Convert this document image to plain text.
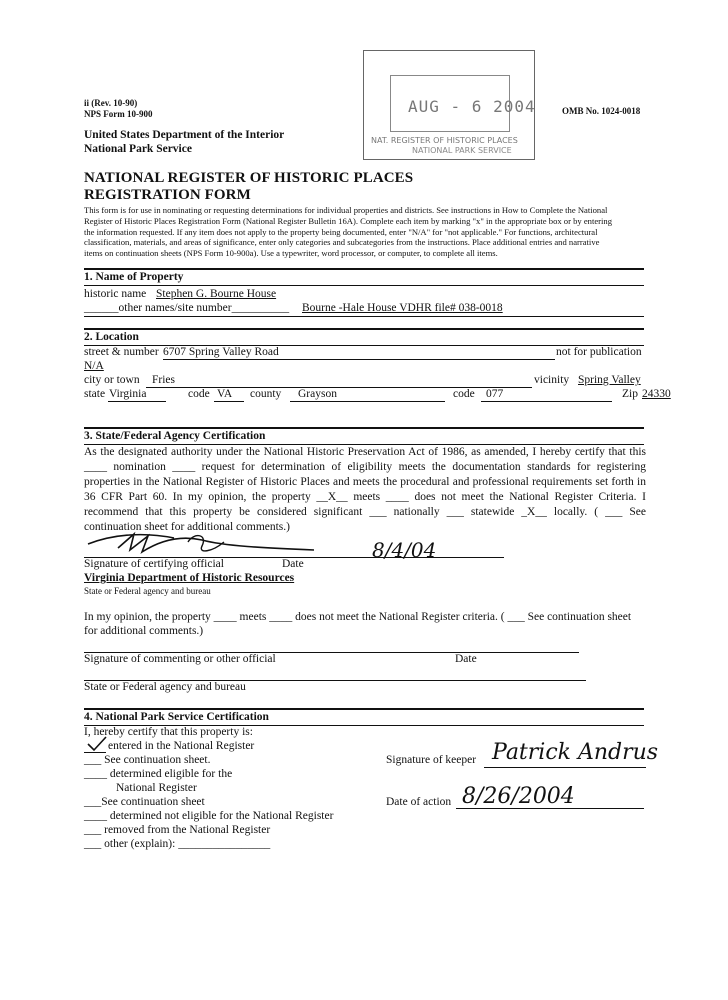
ii (Rev. 10-90)
NPS Form 10-900	OMB No. 1024-0018
United States Department of the Interior
National Park Service
AUG - 6 2004
NAT. REGISTER OF HISTORIC PLACES
NATIONAL PARK SERVICE
NATIONAL REGISTER OF HISTORIC PLACES
REGISTRATION FORM
This form is for use in nominating or requesting determinations for individual properties and districts. See instructions in How to Complete the National
Register of Historic Places Registration Form (National Register Bulletin 16A). Complete each item by marking "x" in the appropriate box or by entering
the information requested. If any item does not apply to the property being documented, enter "N/A" for "not applicable." For functions, architectural
classification, materials, and areas of significance, enter only categories and subcategories from the instructions. Place additional entries and narrative
items on continuation sheets (NPS Form 10-900a). Use a typewriter, word processor, or computer, to complete all items.
1. Name of Property
historic name Stephen G. Bourne House
______other names/site number__________ Bourne -Hale House VDHR file# 038-0018
2. Location
street & number 6707 Spring Valley Road	not for publication
N/A
city or town Fries	vicinity Spring Valley
state Virginia	code VA county Grayson	code 077	Zip 24330
3. State/Federal Agency Certification
As the designated authority under the National Historic Preservation Act of 1986, as amended, I hereby certify that this
____ nomination ____ request for determination of eligibility meets the documentation standards for registering
properties in the National Register of Historic Places and meets the procedural and professional requirements set forth in
36 CFR Part 60. In my opinion, the property __X__ meets ____ does not meet the National Register Criteria. I
recommend that this property be considered significant ___ nationally ___ statewide _X__ locally. ( ___ See
continuation sheet for additional comments.)
8/4/04
Signature of certifying official	Date
Virginia Department of Historic Resources
State or Federal agency and bureau
In my opinion, the property ____ meets ____ does not meet the National Register criteria. ( ___ See continuation sheet
for additional comments.)
Signature of commenting or other official	Date
State or Federal agency and bureau
4. National Park Service Certification
I, hereby certify that this property is:
entered in the National Register
___ See continuation sheet.
____ determined eligible for the
National Register
___See continuation sheet
____ determined not eligible for the National Register
___ removed from the National Register
___ other (explain): ________________
Signature of keeper Patrick Andrus
Date of action 8/26/2004
